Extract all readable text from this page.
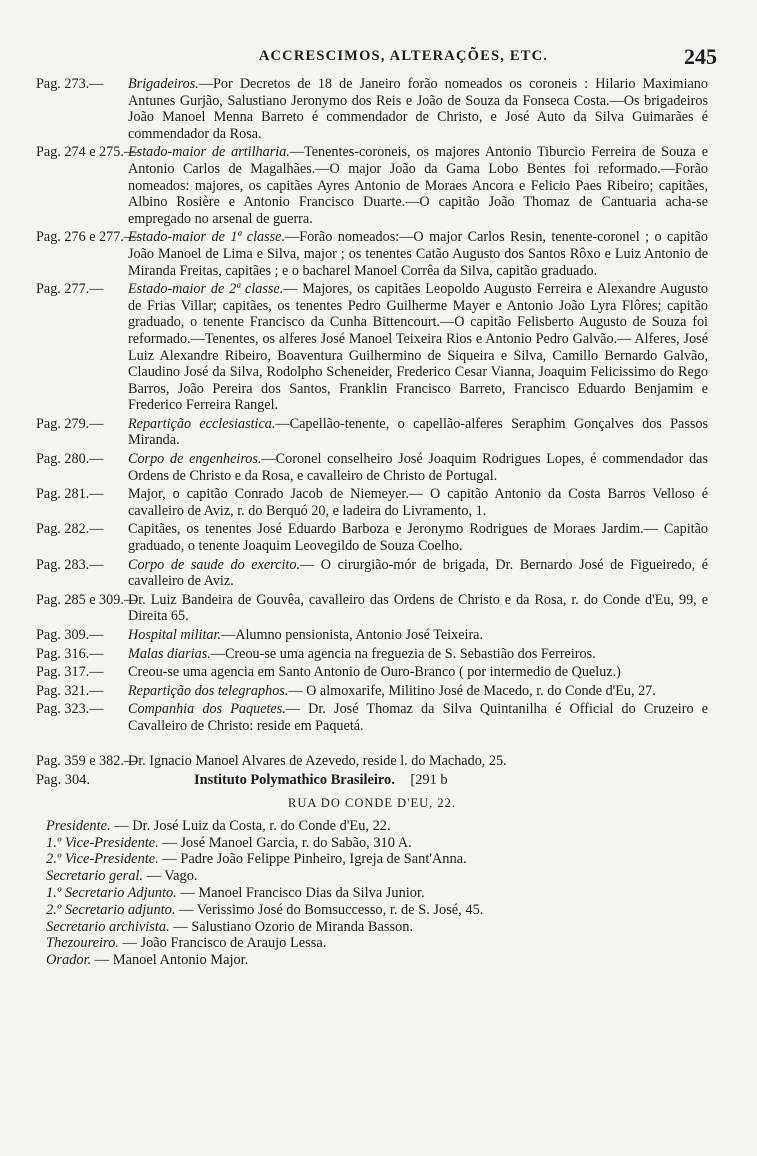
ACCRESCIMOS, ALTERAÇÕES, ETC.	245
Pag. 273.— Brigadeiros.—Por Decretos de 18 de Janeiro forão nomeados os coroneis : Hilario Maximiano Antunes Gurjão, Salustiano Jeronymo dos Reis e João de Souza da Fonseca Costa.—Os brigadeiros João Manoel Menna Barreto é commendador de Christo, e José Auto da Silva Guimarães é commendador da Rosa.
Pag. 274 e 275.—
Estado-maior de artilharia.—Tenentes-coroneis, os majores Antonio Tiburcio Ferreira de Souza e Antonio Carlos de Magalhães.—O major João da Gama Lobo Bentes foi reformado.—Forão nomeados: majores, os capitães Ayres Antonio de Moraes Ancora e Felicio Paes Ribeiro; capitães, Albino Rosière e Antonio Francisco Duarte.—O capitão João Thomaz de Cantuaria acha-se empregado no arsenal de guerra.
Pag. 276 e 277.—
Estado-maior de 1ª classe.—Forão nomeados:—O major Carlos Resin, tenente-coronel ; o capitão João Manoel de Lima e Silva, major ; os tenentes Catão Augusto dos Santos Rôxo e Luiz Antonio de Miranda Freitas, capitães ; e o bacharel Manoel Corrêa da Silva, capitão graduado.
Pag. 277.— Estado-maior de 2ª classe.— Majores, os capitães Leopoldo Augusto Ferreira e Alexandre Augusto de Frias Villar; capitães, os tenentes Pedro Guilherme Mayer e Antonio João Lyra Flôres; capitão graduado, o tenente Francisco da Cunha Bittencourt.—O capitão Felisberto Augusto de Souza foi reformado.—Tenentes, os alferes José Manoel Teixeira Rios e Antonio Pedro Galvão.— Alferes, José Luiz Alexandre Ribeiro, Boaventura Guilhermino de Siqueira e Silva, Camillo Bernardo Galvão, Claudino José da Silva, Rodolpho Scheneider, Frederico Cesar Vianna, Joaquim Felicissimo do Rego Barros, João Pereira dos Santos, Franklin Francisco Barreto, Francisco Eduardo Benjamim e Frederico Ferreira Rangel.
Pag. 279.— Repartição ecclesiastica.—Capellão-tenente, o capellão-alferes Seraphim Gonçalves dos Passos Miranda.
Pag. 280.— Corpo de engenheiros.—Coronel conselheiro José Joaquim Rodrigues Lopes, é commendador das Ordens de Christo e da Rosa, e cavalleiro de Christo de Portugal.
Pag. 281.— Major, o capitão Conrado Jacob de Niemeyer.— O capitão Antonio da Costa Barros Velloso é cavalleiro de Aviz, r. do Berquó 20, e ladeira do Livramento, 1.
Pag. 282.— Capitães, os tenentes José Eduardo Barboza e Jeronymo Rodrigues de Moraes Jardim.— Capitão graduado, o tenente Joaquim Leovegildo de Souza Coelho.
Pag. 283.— Corpo de saude do exercito.— O cirurgião-mór de brigada, Dr. Bernardo José de Figueiredo, é cavalleiro de Aviz.
Pag. 285 e 309.—
Dr. Luiz Bandeira de Gouvêa, cavalleiro das Ordens de Christo e da Rosa, r. do Conde d'Eu, 99, e Direita 65.
Pag. 309.— Hospital militar.—Alumno pensionista, Antonio José Teixeira.
Pag. 316.— Malas diarias.—Creou-se uma agencia na freguezia de S. Sebastião dos Ferreiros.
Pag. 317.— Creou-se uma agencia em Santo Antonio de Ouro-Branco ( por intermedio de Queluz.)
Pag. 321.— Repartição dos telegraphos.— O almoxarife, Militino José de Macedo, r. do Conde d'Eu, 27.
Pag. 323.— Companhia dos Paquetes.— Dr. José Thomaz da Silva Quintanilha é Official do Cruzeiro e Cavalleiro de Christo: reside em Paquetá.
Pag. 359 e 382.—
Dr. Ignacio Manoel Alvares de Azevedo, reside l. do Machado, 25.
Pag. 304.	Instituto Polymathico Brasileiro. [291 b
RUA DO CONDE D'EU, 22.
Presidente. — Dr. José Luiz da Costa, r. do Conde d'Eu, 22.
1.º Vice-Presidente. — José Manoel Garcia, r. do Sabão, 310 A.
2.º Vice-Presidente. — Padre João Felippe Pinheiro, Igreja de Sant'Anna.
Secretario geral. — Vago.
1.º Secretario Adjunto. — Manoel Francisco Dias da Silva Junior.
2.º Secretario adjunto. — Verissimo José do Bomsuccesso, r. de S. José, 45.
Secretario archivista. — Salustiano Ozorio de Miranda Basson.
Thezoureiro. — João Francisco de Araujo Lessa.
Orador. — Manoel Antonio Major.
